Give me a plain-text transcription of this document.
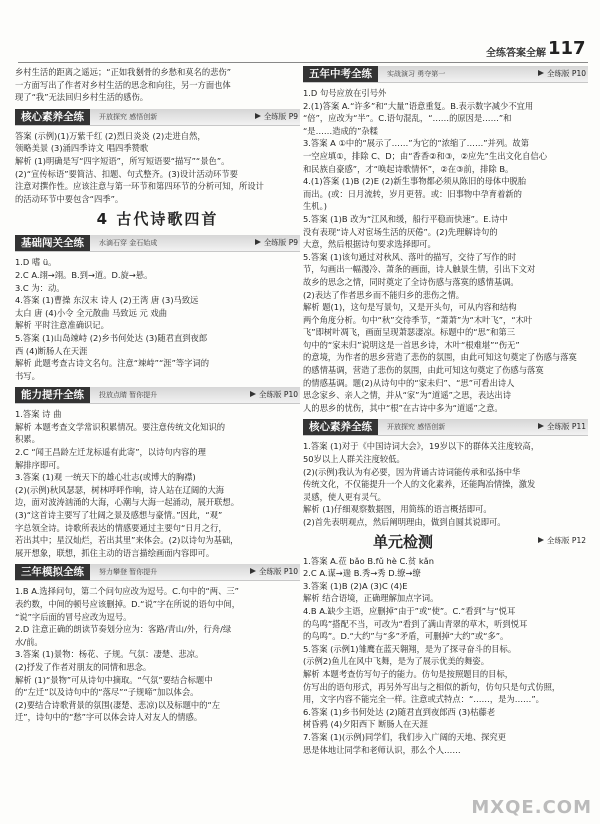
全练答案全解 117
乡村生活的距离之遥远；“正如我剗骨的乡愁和莫名的悲伤”
一方面写出了作者对乡村生活的思念和向往，另一方面也体
现了“我”无法回归乡村生活的感伤。
核心素养全练	开放探究 感悟创新	全练版 P9
答案 (示例)(1)万紫千红 (2)烈日炎炎 (2)走进自然，
领略美景 (3)涌四季诗文 唱四季赞歌
解析 (1)明确是写“四字短语”，所写短语要“描写”“景色”。
(2)“宣传标语”要简洁、扣题、句式整齐。(3)设计活动环节要
注意对撰作性。应该注意与第一环节和第四环节的分析可知，所设计
的活动环节中要包含“四季”。
4 古代诗歌四首
基础闯关全练	水滴石穿 金石始成	全练版 P9
1.D 嗜 ü。
2.C A.翊→翊。B.到→道。D.旋→悬。
3.C 为：动。
4.答案 (1)曹操 东汉末 诗人 (2)王湾 唐 (3)马致远
太白 唐 (4)小令 全元散曲 马致远 元 戏曲
解析 平时注意准确识记。
5.答案 (1)山岛竦峙 (2)乡书何处达 (3)随君直到夜郎
西 (4)断肠人在天涯
解析 此题考查古诗文名句。注意“竦峙”“涯”等字词的
书写。
能力提升全练	投放点睛 暂你提升	全练版 P10
1.答案 诗 曲
解析 本题考查文学常识积累情况。要注意传统文化知识的
积累。
2.C “闻王昌龄左迁龙标遥有此寄”，以诗句内容的理
解排序即可。
3.答案 (1)观 一统天下的雄心壮志(或博大的胸襟)
(2)(示例)秋风瑟瑟，树林呼呼作响，诗人站在辽阔的大海
边，面对波涛汹涌的大海，心潮与大海一起涌动，展开联想。
(3)“这首诗主要写了壮阔之景及感想与豪情。”因此，“观”
字总领全诗。诗歌所表达的情感要通过主要句“日月之行，
若出其中；星汉灿烂，若出其里”来体会。(2)以诗句为基础，
展开想象，联想，抓住主动的语言描绘画面内容即可。
三年模拟全练	努力攀登 暂你提升	全练版 P10
1.B A.选择问句，第二个问句应改为逗号。C.句中的“两、三”
表约数，中间的顿号应该删掉。D.“说”字在所说的语句中间，
“说”字后面的冒号应改为逗号。
2.D 注意正确的朗读节奏划分应为：客路/青山/外，行舟/绿
水/前。
3.答案 (1)景物：杨花、子规。气氛：凄楚、悲凉。
(2)抒发了作者对朋友的同情和思念。
解析 (1)“景物”可从诗句中摘取。“气氛”要结合标题中
的“左迁”以及诗句中的“落尽”“子规啼”加以体会。
(2)要结合诗歌背景的氛围(凄楚、悲凉)以及标题中的“左
迁”，诗句中的“愁”字可以体会诗人对友人的情感。
五年中考全练	实战演习 勇夺第一	全练版 P10
1.D 句号应放在引号外
2.(1)答案 A.“许多”和“大量”语意重复。B.表示数字减少不宜用
“倍”，应改为“半”。C.语句混乱，“……的原因是……”和
“是……造成的”杂糅
3.答案 A ①中的“展示了……”为它的“浓缩了……”并列。故第
一空应填①，排除 C、D；由“香香②和③，②应先“生出文化自信心
和民族自豪感”，才“唤起诗歌情怀”，②在③前，排除 B。
4.(1)答案 (1)B (2)E (2)新生事物都必须从陈旧的母体中脱胎
而出。(或：日月流转，岁月更替。或：旧事物中孕育着新的
生机。)
5.答案 (1)B 改为“江风和缓，船行平稳而快速”。E.诗中
没有表现“诗人对宦场生活的厌倦”。(2)先理解诗句的
大意，然后根据诗句要求选择即可。
5.答案 (1)该句通过对秋风、落叶的描写，交待了写作的时
节，勾画出一幅漫冷、萧条的画面，诗人触景生情，引出下文对
故乡的思念之情，同时奠定了全诗伤感与落寞的感情基调。
(2)表达了作者思乡而不能归乡的悲伤之情。
解析 题(1)，这句是写景句，又是开头句，可从内容和结构
两个角度分析。句中“秋”交待季节，“萧萧”为“木叶飞”，“木叶
飞”即树叶凋飞，画面呈现萧瑟凄凉。标题中的“思”和第三
句中的“家未归”说明这是一首思乡诗，木叶“根难堪”“伤无”
的意境，为作者的思乡营造了悲伤的氛围，由此可知这句奠定了伤感与落寞
的感情基调，营造了悲伤的氛围，由此可知这句奠定了伤感与落寞
的情感基调。题(2)从诗句中的“家未归”、“思”可看出诗人
思念家乡、亲人之情，并从“家”为“道遥”之思，表达出诗
人的思乡的忧伤，其中“根”在古诗中多为“道遥”之意。
核心素养全练	开放探究 感悟创新	全练版 P11
1.答案 (1)对于《中国诗词大会》，19岁以下的群体关注度较高，
50岁以上人群关注度较低。
(2)(示例)我认为有必要，因为背诵古诗词能传承和弘扬中华
传统文化，不仅能提升一个人的文化素养，还能陶冶情操，激发
灵感，使人更有灵气。
解析 (1)仔细观察数据图，用简练的语言概括即可。
(2)首先表明观点，然后阐明理由，做到自圆其说即可。
单元检测	全练版 P12
1.答案 A.莅 bǎo B.fǔ hè C.贫 kǎn
2.C A.谋→遄 B.秀→秀 D.缭→缭
3.答案 (1)B (2)A (3)C (4)E
解析 结合语境，正确理解加点字词。
4.B A.缺少主语，应删掉“由于”或“使”。C.“看到”与“悦耳
的鸟鸣”搭配不当，可改为“看到了满山青翠的草木，听到悦耳
的鸟鸣”。D.“大约”与“多”矛盾，可删掉“大约”或“多”。
5.答案 (示例1)雏鹰在蓝天翱翔，是为了探寻奋斗的目标。
(示例2)鱼儿在风中飞舞，是为了展示优美的舞姿。
解析 本题考查仿写句子的能力。仿句是按照题目的目标，
仿写出的语句形式，再另外写出与之相似的新句，仿句只是句式仿照，
用，文字内容不能完全一样。注意或式特点：“……，是为……”。
6.答案 (1)乡书何处达 (2)随君直到夜郎西 (3)枯藤老
树昏鸦 (4)夕阳西下 断肠人在天涯
7.答案 (1)(示例)同学们，我们步入广阔的天地、探究更
思是体地让同学和老师认识，那么个人……
MXQE.COM
